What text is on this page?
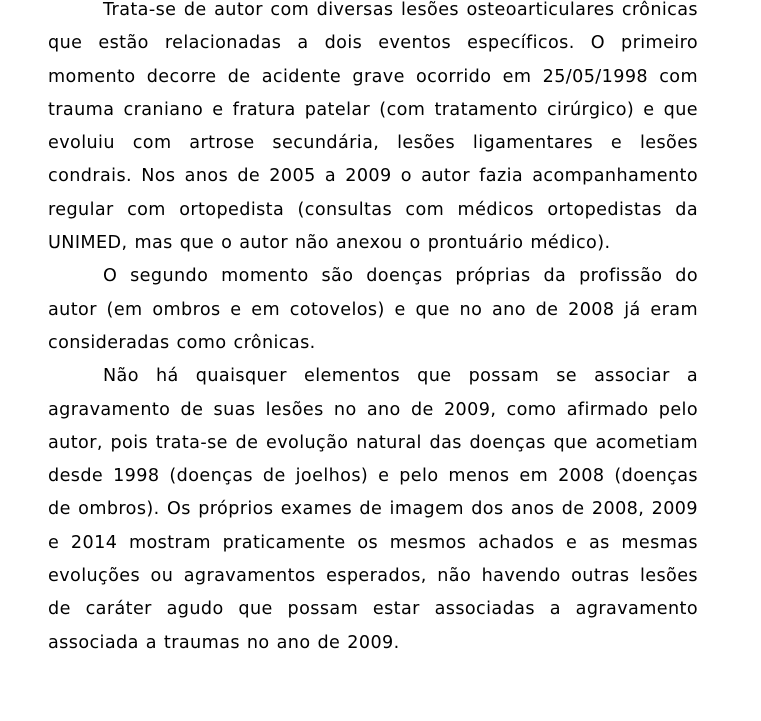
Trata-se de autor com diversas lesões osteoarticulares crônicas que estão relacionadas a dois eventos específicos. O primeiro momento decorre de acidente grave ocorrido em 25/05/1998 com trauma craniano e fratura patelar (com tratamento cirúrgico) e que evoluiu com artrose secundária, lesões ligamentares e lesões condrais. Nos anos de 2005 a 2009 o autor fazia acompanhamento regular com ortopedista (consultas com médicos ortopedistas da UNIMED, mas que o autor não anexou o prontuário médico).

O segundo momento são doenças próprias da profissão do autor (em ombros e em cotovelos) e que no ano de 2008 já eram consideradas como crônicas.

Não há quaisquer elementos que possam se associar a agravamento de suas lesões no ano de 2009, como afirmado pelo autor, pois trata-se de evolução natural das doenças que acometiam desde 1998 (doenças de joelhos) e pelo menos em 2008 (doenças de ombros). Os próprios exames de imagem dos anos de 2008, 2009 e 2014 mostram praticamente os mesmos achados e as mesmas evoluções ou agravamentos esperados, não havendo outras lesões de caráter agudo que possam estar associadas a agravamento associada a traumas no ano de 2009.
